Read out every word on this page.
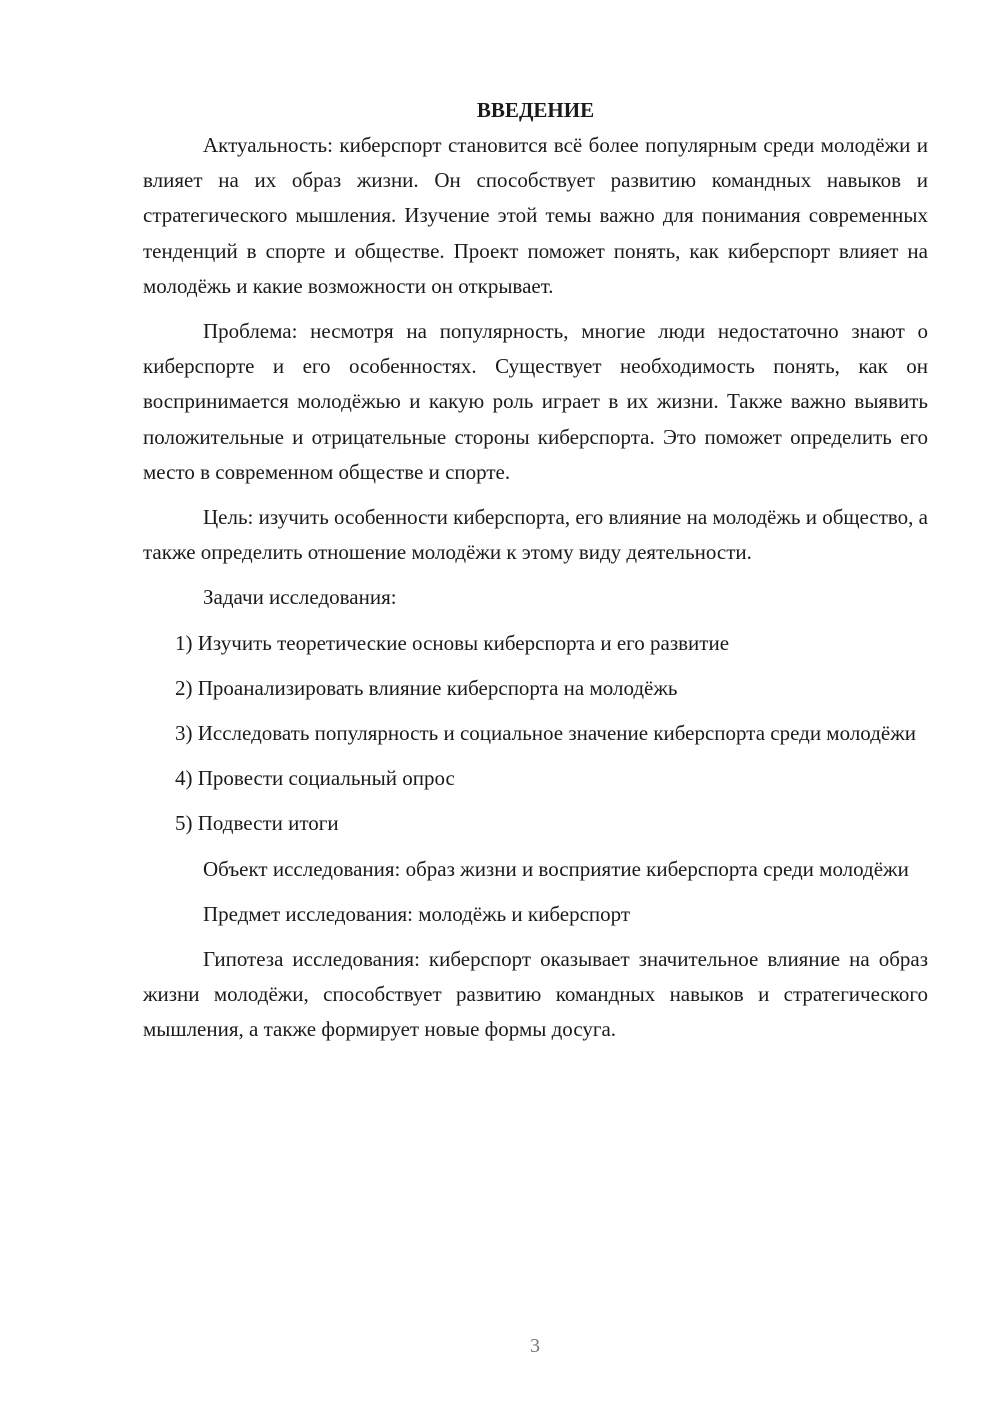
ВВЕДЕНИЕ

Актуальность: киберспорт становится всё более популярным среди молодёжи и влияет на их образ жизни. Он способствует развитию командных навыков и стратегического мышления. Изучение этой темы важно для понимания современных тенденций в спорте и обществе. Проект поможет понять, как киберспорт влияет на молодёжь и какие возможности он открывает.

Проблема: несмотря на популярность, многие люди недостаточно знают о киберспорте и его особенностях. Существует необходимость понять, как он воспринимается молодёжью и какую роль играет в их жизни. Также важно выявить положительные и отрицательные стороны киберспорта. Это поможет определить его место в современном обществе и спорте.

Цель: изучить особенности киберспорта, его влияние на молодёжь и общество, а также определить отношение молодёжи к этому виду деятельности.

Задачи исследования:

1) Изучить теоретические основы киберспорта и его развитие

2) Проанализировать влияние киберспорта на молодёжь

3) Исследовать популярность и социальное значение киберспорта среди молодёжи

4) Провести социальный опрос

5) Подвести итоги

Объект исследования: образ жизни и восприятие киберспорта среди молодёжи

Предмет исследования: молодёжь и киберспорт

Гипотеза исследования: киберспорт оказывает значительное влияние на образ жизни молодёжи, способствует развитию командных навыков и стратегического мышления, а также формирует новые формы досуга.

3
